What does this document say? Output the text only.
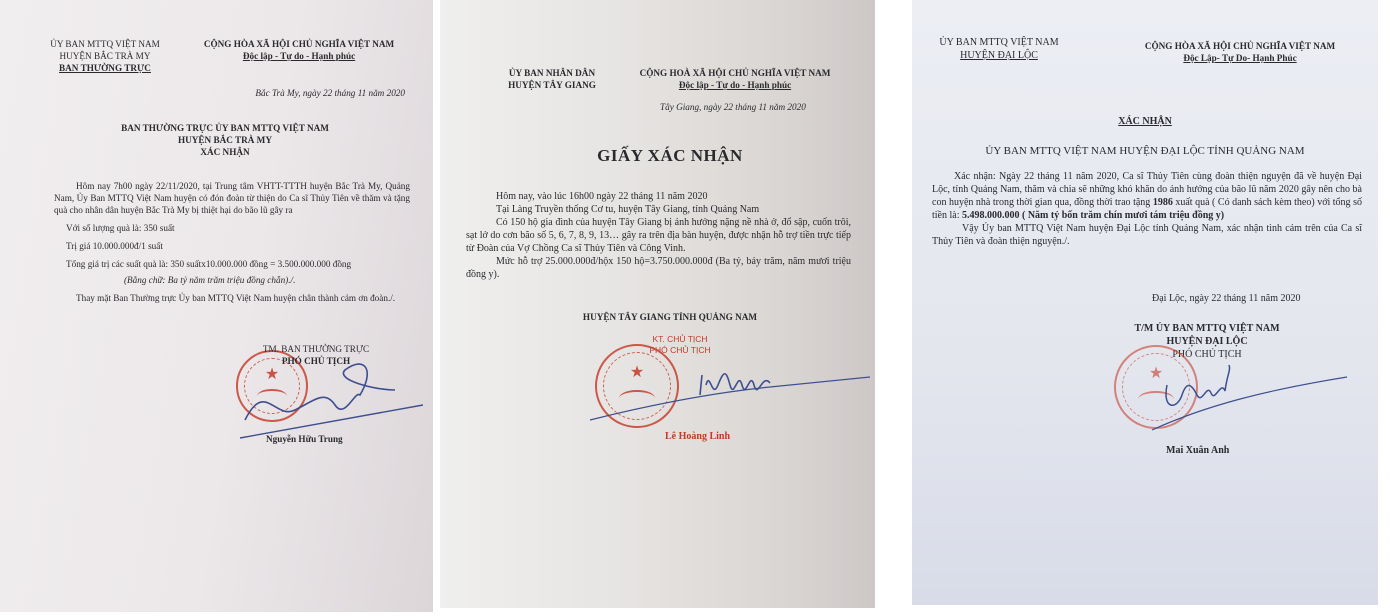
ỦY BAN MTTQ VIỆT NAM
HUYỆN BẮC TRÀ MY
BAN THƯỜNG TRỰC
CỘNG HÒA XÃ HỘI CHỦ NGHĨA VIỆT NAM
Độc lập - Tự do - Hạnh phúc
Bắc Trà My, ngày 22 tháng 11 năm 2020
BAN THƯỜNG TRỰC ỦY BAN MTTQ VIỆT NAM
HUYỆN BẮC TRÀ MY
XÁC NHẬN
Hôm nay 7h00 ngày 22/11/2020, tại Trung tâm VHTT-TTTH huyện Bắc Trà My, Quảng Nam, Ủy Ban MTTQ Việt Nam huyện có đón đoàn từ thiện do Ca sĩ Thủy Tiên về thăm và tặng quà cho nhân dân huyện Bắc Trà My bị thiệt hại do bão lũ gây ra
Với số lượng quà là: 350 suất
Trị giá 10.000.000đ/1 suất
Tổng giá trị các suất quà là: 350 suấtx10.000.000 đồng = 3.500.000.000 đồng
(Bằng chữ: Ba tỷ năm trăm triệu đồng chẵn)./.
Thay mặt Ban Thường trực Ủy ban MTTQ Việt Nam huyện chân thành cảm ơn đoàn./.
★
TM. BAN THƯỜNG TRỰC
PHÓ CHỦ TỊCH
Nguyễn Hữu Trung
ỦY BAN NHÂN DÂN
HUYỆN TÂY GIANG
CỘNG HOÀ XÃ HỘI CHỦ NGHĨA VIỆT NAM
Độc lập - Tự do - Hạnh phúc
Tây Giang, ngày 22 tháng 11 năm 2020
GIẤY XÁC NHẬN
Hôm nay, vào lúc 16h00 ngày 22 tháng 11 năm 2020
Tại Làng Truyền thống Cơ tu, huyện Tây Giang, tỉnh Quảng Nam
Có 150 hộ gia đình của huyện Tây Giang bị ảnh hưởng nặng nề nhà ở, đổ sập, cuốn trôi, sạt lở do cơn bão số 5, 6, 7, 8, 9, 13… gây ra trên địa bàn huyện, được nhận hỗ trợ tiền trực tiếp từ Đoàn của Vợ Chồng Ca sĩ Thủy Tiên và Công Vinh.
Mức hỗ trợ 25.000.000đ/hộx 150 hộ=3.750.000.000đ (Ba tỷ, bảy trăm, năm mươi triệu đồng y).
HUYỆN TÂY GIANG TỈNH QUẢNG NAM
KT. CHỦ TỊCH
PHÓ CHỦ TỊCH
★
Lê Hoàng Linh
ỦY BAN MTTQ VIỆT NAM
HUYỆN ĐẠI LỘC
CỘNG HÒA XÃ HỘI CHỦ NGHĨA VIỆT NAM
Độc Lập- Tự Do- Hạnh Phúc
XÁC NHẬN
ỦY BAN MTTQ VIỆT NAM HUYỆN ĐẠI LỘC TỈNH QUẢNG NAM
Xác nhận: Ngày 22 tháng 11 năm 2020, Ca sĩ Thủy Tiên cùng đoàn thiện nguyện đã về huyện Đại Lộc, tỉnh Quảng Nam, thăm và chia sẽ những khó khăn do ảnh hưởng của bão lũ năm 2020 gây nên cho bà con huyện nhà trong thời gian qua, đồng thời trao tặng 1986 xuất quà ( Có danh sách kèm theo) với tổng số tiền là: 5.498.000.000 ( Năm tỷ bốn trăm chín mươi tám triệu đồng y)
Vậy Ủy ban MTTQ Việt Nam huyện Đại Lộc tỉnh Quảng Nam, xác nhận tình cảm trên của Ca sĩ Thủy Tiên và đoàn thiện nguyện./.
Đại Lộc, ngày 22 tháng 11 năm 2020
T/M ỦY BAN MTTQ VIỆT NAM
HUYỆN ĐẠI LỘC
PHÓ CHỦ TỊCH
★
Mai Xuân Anh
